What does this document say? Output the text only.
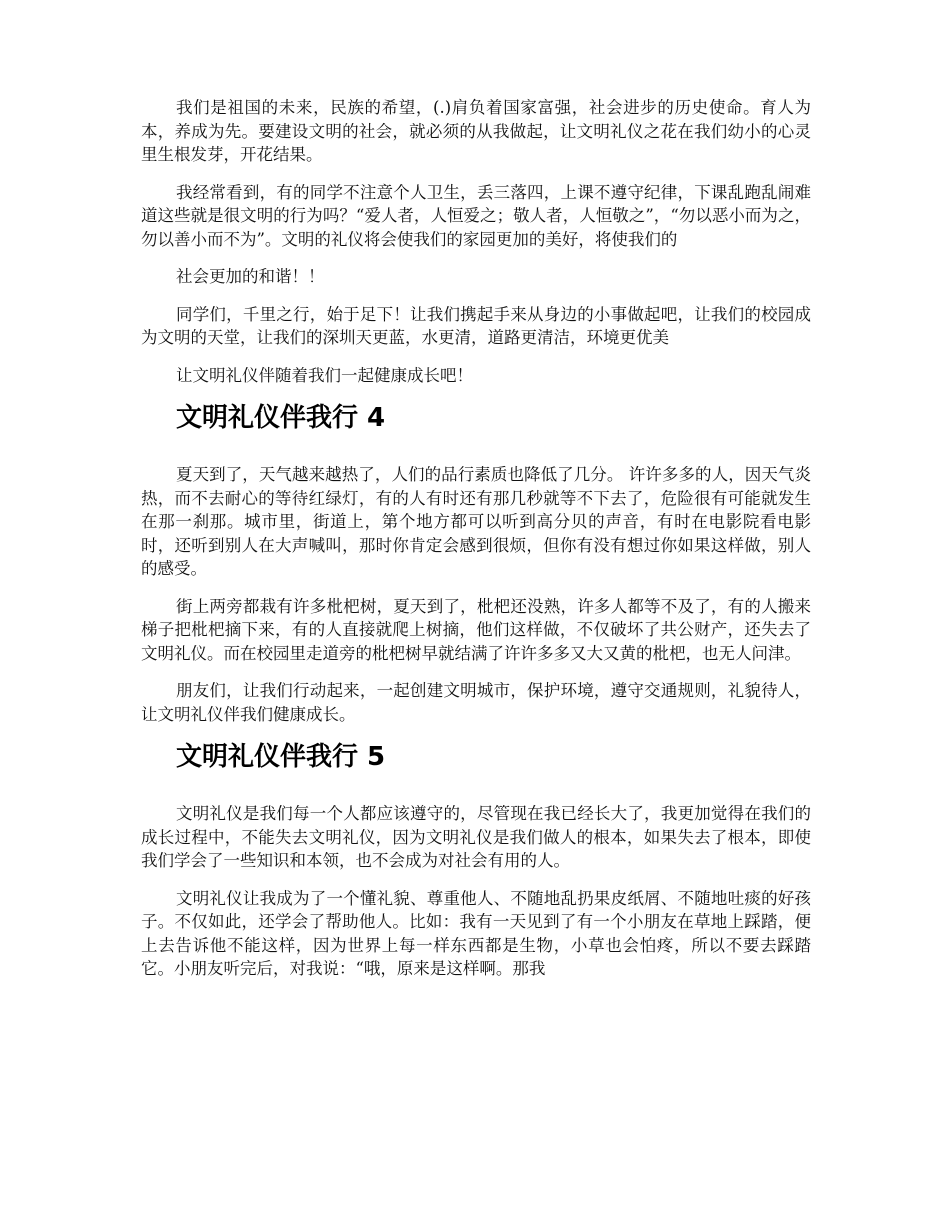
我们是祖国的未来，民族的希望，(.)肩负着国家富强，社会进步的历史使命。育人为本，养成为先。要建设文明的社会，就必须的从我做起，让文明礼仪之花在我们幼小的心灵里生根发芽，开花结果。

我经常看到，有的同学不注意个人卫生，丢三落四，上课不遵守纪律，下课乱跑乱闹难道这些就是很文明的行为吗？“爱人者，人恒爱之；敬人者，人恒敬之”，“勿以恶小而为之，勿以善小而不为”。文明的礼仪将会使我们的家园更加的美好，将使我们的

社会更加的和谐！！

同学们，千里之行，始于足下！让我们携起手来从身边的小事做起吧，让我们的校园成为文明的天堂，让我们的深圳天更蓝，水更清，道路更清洁，环境更优美

让文明礼仪伴随着我们一起健康成长吧！

文明礼仪伴我行 4

夏天到了，天气越来越热了，人们的品行素质也降低了几分。 许许多多的人，因天气炎热，而不去耐心的等待红绿灯，有的人有时还有那几秒就等不下去了，危险很有可能就发生在那一刹那。城市里，街道上，第个地方都可以听到高分贝的声音，有时在电影院看电影时，还听到别人在大声喊叫，那时你肯定会感到很烦，但你有没有想过你如果这样做，别人的感受。

街上两旁都栽有许多枇杷树，夏天到了，枇杷还没熟，许多人都等不及了，有的人搬来梯子把枇杷摘下来，有的人直接就爬上树摘，他们这样做，不仅破坏了共公财产，还失去了文明礼仪。而在校园里走道旁的枇杷树早就结满了许许多多又大又黄的枇杷，也无人问津。

朋友们，让我们行动起来，一起创建文明城市，保护环境，遵守交通规则，礼貌待人，让文明礼仪伴我们健康成长。

文明礼仪伴我行 5

文明礼仪是我们每一个人都应该遵守的，尽管现在我已经长大了，我更加觉得在我们的成长过程中，不能失去文明礼仪，因为文明礼仪是我们做人的根本，如果失去了根本，即使我们学会了一些知识和本领，也不会成为对社会有用的人。

文明礼仪让我成为了一个懂礼貌、尊重他人、不随地乱扔果皮纸屑、不随地吐痰的好孩子。不仅如此，还学会了帮助他人。比如：我有一天见到了有一个小朋友在草地上踩踏，便上去告诉他不能这样，因为世界上每一样东西都是生物，小草也会怕疼，所以不要去踩踏它。小朋友听完后，对我说：“哦，原来是这样啊。那我
